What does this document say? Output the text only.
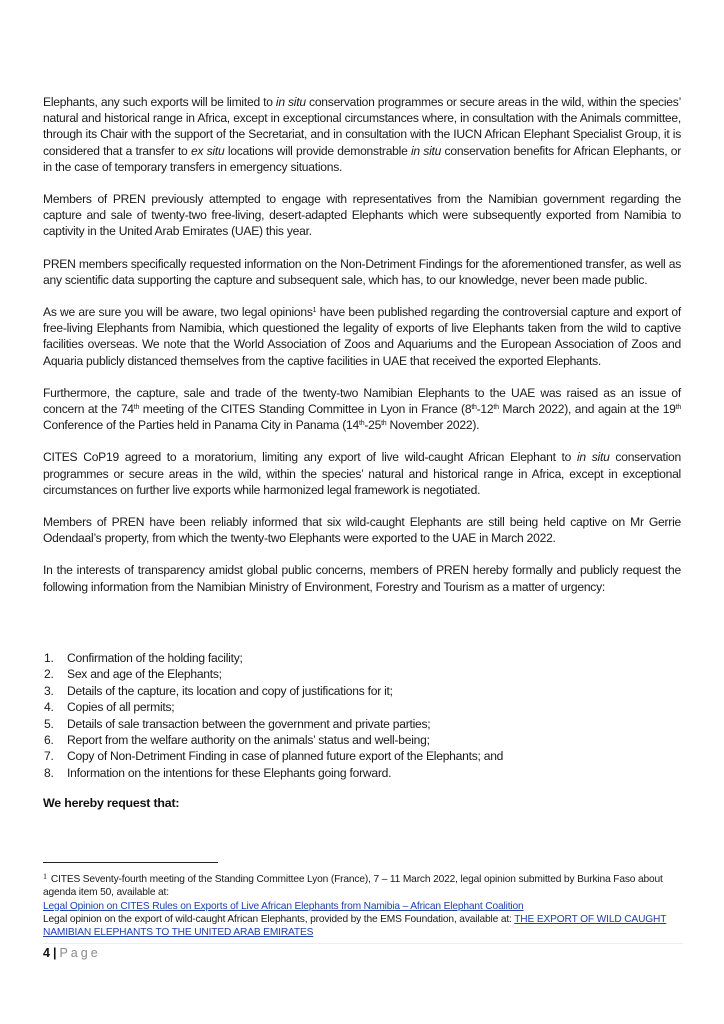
Elephants, any such exports will be limited to in situ conservation programmes or secure areas in the wild, within the species’ natural and historical range in Africa, except in exceptional circumstances where, in consultation with the Animals committee, through its Chair with the support of the Secretariat, and in consultation with the IUCN African Elephant Specialist Group, it is considered that a transfer to ex situ locations will provide demonstrable in situ conservation benefits for African Elephants, or in the case of temporary transfers in emergency situations.

Members of PREN previously attempted to engage with representatives from the Namibian government regarding the capture and sale of twenty-two free-living, desert-adapted Elephants which were subsequently exported from Namibia to captivity in the United Arab Emirates (UAE) this year.

PREN members specifically requested information on the Non-Detriment Findings for the aforementioned transfer, as well as any scientific data supporting the capture and subsequent sale, which has, to our knowledge, never been made public.

As we are sure you will be aware, two legal opinions$^1$ have been published regarding the controversial capture and export of free-living Elephants from Namibia, which questioned the legality of exports of live Elephants taken from the wild to captive facilities overseas. We note that the World Association of Zoos and Aquariums and the European Association of Zoos and Aquaria publicly distanced themselves from the captive facilities in UAE that received the exported Elephants.

Furthermore, the capture, sale and trade of the twenty-two Namibian Elephants to the UAE was raised as an issue of concern at the 74th meeting of the CITES Standing Committee in Lyon in France (8th-12th March 2022), and again at the 19th Conference of the Parties held in Panama City in Panama (14th-25th November 2022).

CITES CoP19 agreed to a moratorium, limiting any export of live wild-caught African Elephant to in situ conservation programmes or secure areas in the wild, within the species’ natural and historical range in Africa, except in exceptional circumstances on further live exports while harmonized legal framework is negotiated.

Members of PREN have been reliably informed that six wild-caught Elephants are still being held captive on Mr Gerrie Odendaal’s property, from which the twenty-two Elephants were exported to the UAE in March 2022.

In the interests of transparency amidst global public concerns, members of PREN hereby formally and publicly request the following information from the Namibian Ministry of Environment, Forestry and Tourism as a matter of urgency:

1. Confirmation of the holding facility;
2. Sex and age of the Elephants;
3. Details of the capture, its location and copy of justifications for it;
4. Copies of all permits;
5. Details of sale transaction between the government and private parties;
6. Report from the welfare authority on the animals’ status and well-being;
7. Copy of Non-Detriment Finding in case of planned future export of the Elephants; and
8. Information on the intentions for these Elephants going forward.
We hereby request that:
$^1$ CITES Seventy-fourth meeting of the Standing Committee Lyon (France), 7 – 11 March 2022, legal opinion submitted by Burkina Faso about agenda item 50, available at:
Legal Opinion on CITES Rules on Exports of Live African Elephants from Namibia – African Elephant Coalition
Legal opinion on the export of wild-caught African Elephants, provided by the EMS Foundation, available at: THE EXPORT OF WILD CAUGHT NAMIBIAN ELEPHANTS TO THE UNITED ARAB EMIRATES
4 | Page
